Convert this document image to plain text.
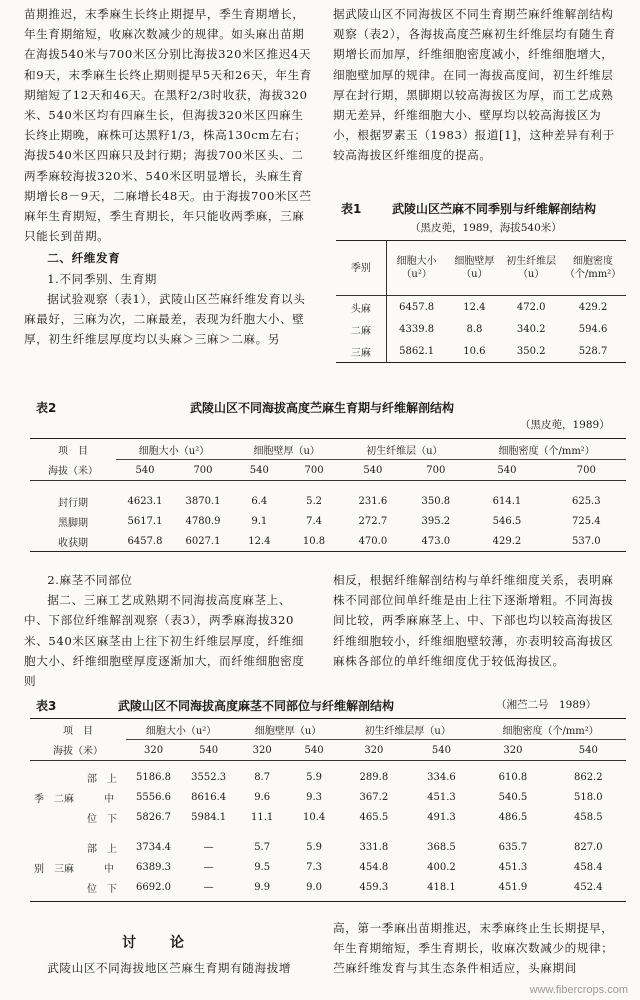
苗期推迟，末季麻生长终止期提早，季生育期增长，年生育期缩短，收麻次数减少的规律。如头麻出苗期在海拔540米与700米区分别比海拔320米区推迟4天和9天，末季麻生长终止期则提早5天和26天，年生育期缩短了12天和46天。在黑籽2/3时收获，海拔320米、540米区均有四麻生长，但海拔320米区四麻生长终止期晚，麻株可达黑籽1/3，株高130cm左右；海拔540米区四麻只及封行期；海拔700米区头、二两季麻较海拔320米、540米区明显增长，头麻生育期增长8－9天，二麻增长48天。由于海拔700米区苎麻年生育期短，季生育期长，年只能收两季麻，三麻只能长到苗期。

二、纤维发育

1.不同季别、生育期

据试验观察（表1），武陵山区苎麻纤维发育以头麻最好，三麻为次，二麻最差，表现为纤胞大小、壁厚，初生纤维层厚度均以头麻＞三麻＞二麻。另

据武陵山区不同海拔区不同生育期苎麻纤维解剖结构观察（表2），各海拔高度苎麻初生纤维层均有随生育期增长而加厚，纤维细胞密度减小，纤维细胞增大，细胞壁加厚的规律。在同一海拔高度间，初生纤维层厚在封行期，黑脚期以较高海拔区为厚，而工艺成熟期无差异，纤维细胞大小、壁厚均以较高海拔区为小，根据罗素玉（1983）报道[1]，这种差异有利于较高海拔区纤维细度的提高。

表1	武陵山区苎麻不同季别与纤维解剖结构
（黑皮蔸，1989，海拔540米）
季别	细胞大小（u²）	细胞壁厚（u）	初生纤维层（u）	细胞密度（个/mm²）
头麻	6457.8	12.4	472.0	429.2
二麻	4339.8	8.8	340.2	594.6
三麻	5862.1	10.6	350.2	528.7
表2	武陵山区不同海拔高度苎麻生育期与纤维解剖结构
（黑皮蔸，1989）
项　目	细胞大小（u²）		细胞壁厚（u）		初生纤维层（u）		细胞密度（个/mm²）	
海拔（米）	540	700	540	700	540	700	540	700

封行期	4623.1	3870.1	6.4	5.2	231.6	350.8	614.1	625.3
黑脚期	5617.1	4780.9	9.1	7.4	272.7	395.2	546.5	725.4
收获期	6457.8	6027.1	12.4	10.8	470.0	473.0	429.2	537.0

2.麻茎不同部位

据二、三麻工艺成熟期不同海拔高度麻茎上、中、下部位纤维解剖观察（表3），两季麻海拔320米、540米区麻茎由上往下初生纤维层厚度，纤维细胞大小、纤维细胞壁厚度逐渐加大，而纤维细胞密度则

相反，根据纤维解剖结构与单纤维细度关系，表明麻株不同部位间单纤维是由上往下逐渐增粗。不同海拔间比较，两季麻麻茎上、中、下部也均以较高海拔区纤维细胞较小，纤维细胞壁较薄，亦表明较高海拔区麻株各部位的单纤维细度优于较低海拔区。

表3	武陵山区不同海拔高度麻茎不同部位与纤维解剖结构	（湘苎二号　1989）
项　目		细胞大小（u²）		细胞壁厚（u）		初生纤维层厚（u）		细胞密度（个/mm²）	
海拔（米）		320	540	320	540	320	540	320	540

季　 二麻	部　 上	5186.8	3552.3	8.7	5.9	289.8	334.6	610.8	862.2
	中	5556.6	8616.4	9.6	9.3	367.2	451.3	540.5	518.0
	位　 下	5826.7	5984.1	11.1	10.4	465.5	491.3	486.5	458.5

别　 三麻	部　 上	3734.4	—	5.7	5.9	331.8	368.5	635.7	827.0
	中	6389.3	—	9.5	7.3	454.8	400.2	451.3	458.4
	位　 下	6692.0	—	9.9	9.0	459.3	418.1	451.9	452.4

讨　论

武陵山区不同海拔地区苎麻生育期有随海拔增

高，第一季麻出苗期推迟，末季麻终止生长期提早，年生育期缩短，季生育期长，收麻次数减少的规律；苎麻纤维发育与其生态条件相适应，头麻期间

www.fibercrops.com
